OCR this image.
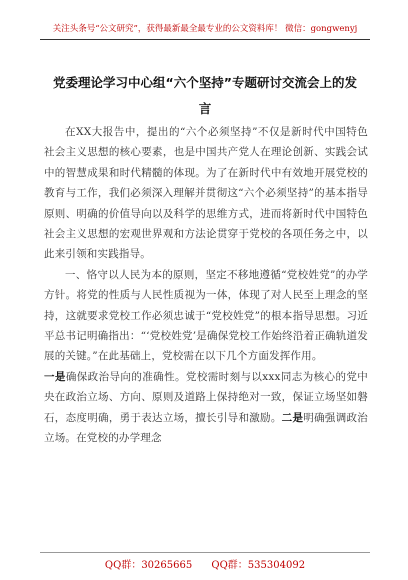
关注头条号“公文研究”，获得最新最全最专业的公文资料库！ 微信：gongwenyj
党委理论学习中心组“六个坚持”专题研讨交流会上的发
言

在XX大报告中，提出的“六个必须坚持”不仅是新时代中国特色社会主义思想的核心要素，也是中国共产党人在理论创新、实践会试中的智慧成果和时代精髓的体现。为了在新时代中有效地开展党校的教育与工作，我们必须深入理解并贯彻这“六个必须坚持”的基本指导原则、明确的价值导向以及科学的思维方式，进而将新时代中国特色社会主义思想的宏观世界观和方法论贯穿于党校的各项任务之中，以此来引领和实践指导。

一、恪守以人民为本的原则，坚定不移地遵循“党校姓党”的办学方针。将党的性质与人民性质视为一体，体现了对人民至上理念的坚持，这就要求党校工作必须忠诚于“党校姓党”的根本指导思想。习近平总书记明确指出：“‘党校姓党’是确保党校工作始终沿着正确轨道发展的关键。”在此基础上，党校需在以下几个方面发挥作用。

一是确保政治导向的准确性。党校需时刻与以xxx同志为核心的党中央在政治立场、方向、原则及道路上保持绝对一致，保证立场坚如磐石，态度明确，勇于表达立场，擅长引导和激励。二是明确强调政治立场。在党校的办学理念

QQ群：30265665 QQ群：535304092
